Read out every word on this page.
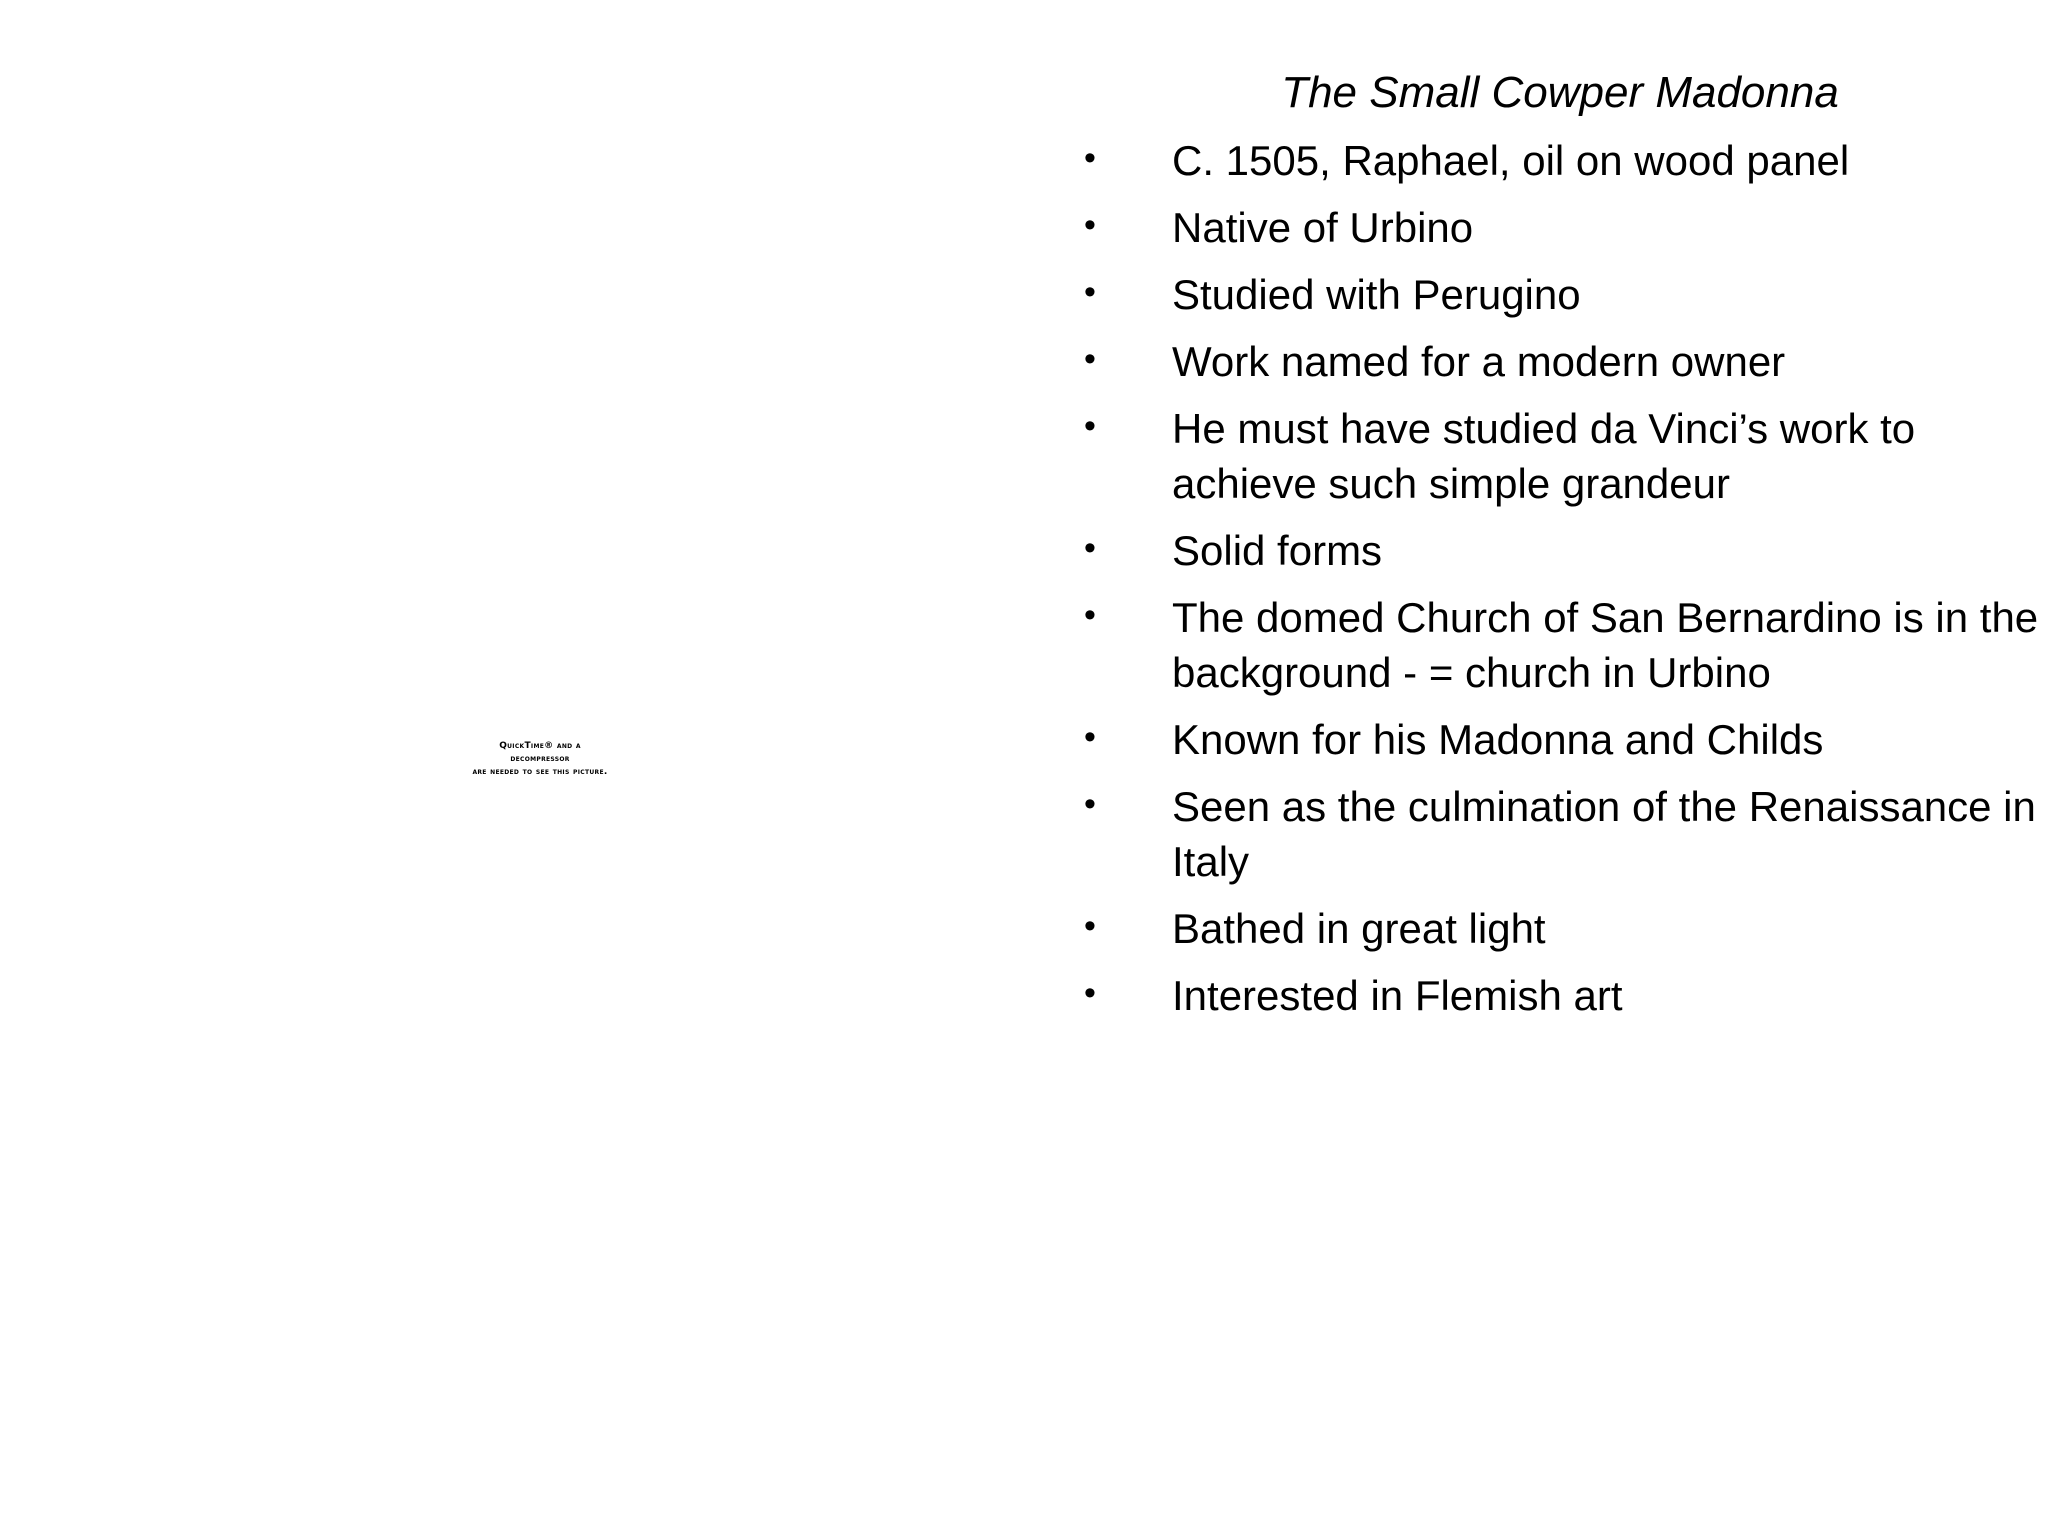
QuickTime® and a
decompressor
are needed to see this picture.
The Small Cowper Madonna
• C. 1505, Raphael, oil on wood panel
• Native of Urbino
• Studied with Perugino
• Work named for a modern owner
• He must have studied da Vinci’s work to achieve such simple grandeur
• Solid forms
• The domed Church of San Bernardino is in the background - = church in Urbino
• Known for his Madonna and Childs
• Seen as the culmination of the Renaissance in Italy
• Bathed in great light
• Interested in Flemish art
